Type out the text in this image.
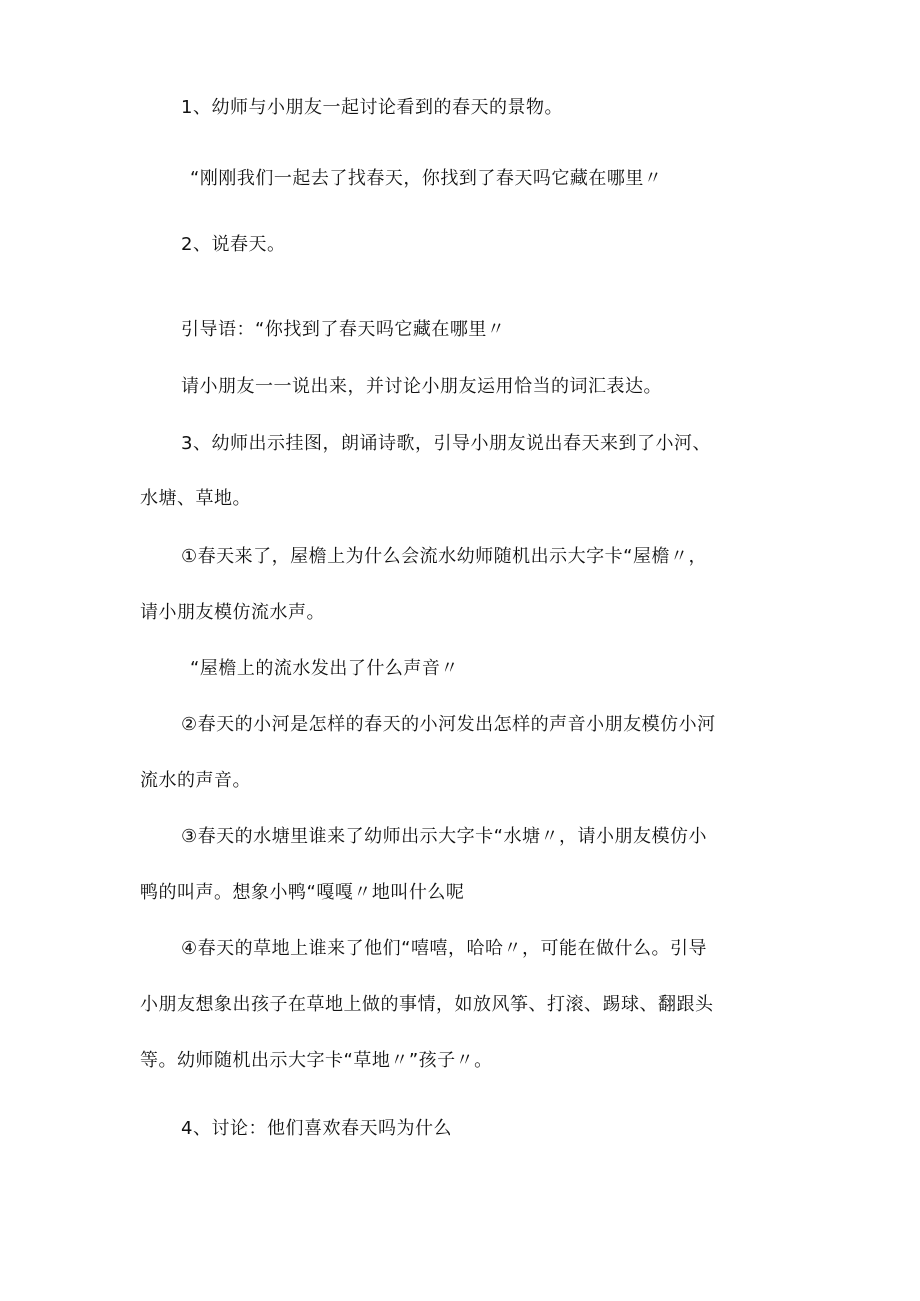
1、幼师与小朋友一起讨论看到的春天的景物。
“刚刚我们一起去了找春天，你找到了春天吗它藏在哪里〃
2、说春天。
引导语：“你找到了春天吗它藏在哪里〃
请小朋友一一说出来，并讨论小朋友运用恰当的词汇表达。
3、幼师出示挂图，朗诵诗歌，引导小朋友说出春天来到了小河、
水塘、草地。
①春天来了，屋檐上为什么会流水幼师随机出示大字卡“屋檐〃，
请小朋友模仿流水声。
“屋檐上的流水发出了什么声音〃
②春天的小河是怎样的春天的小河发出怎样的声音小朋友模仿小河
流水的声音。
③春天的水塘里谁来了幼师出示大字卡“水塘〃，请小朋友模仿小
鸭的叫声。想象小鸭“嘎嘎〃地叫什么呢
④春天的草地上谁来了他们“嘻嘻，哈哈〃，可能在做什么。引导
小朋友想象出孩子在草地上做的事情，如放风筝、打滚、踢球、翻跟头
等。幼师随机出示大字卡“草地〃”孩子〃。
4、讨论：他们喜欢春天吗为什么
